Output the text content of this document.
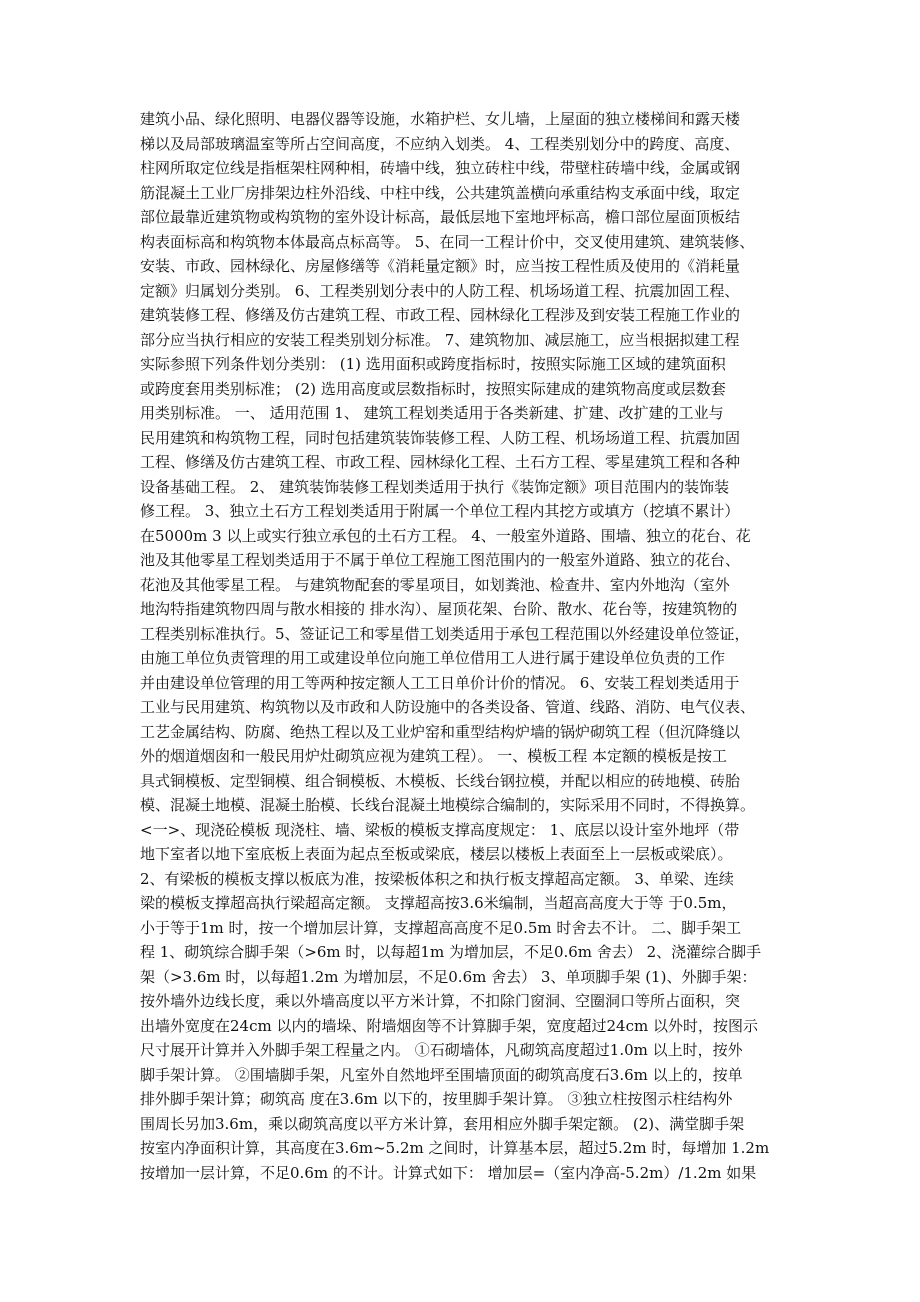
建筑小品、绿化照明、电器仪器等设施，水箱护栏、女儿墙，上屋面的独立楼梯间和露天楼
梯以及局部玻璃温室等所占空间高度，不应纳入划类。 4、工程类别划分中的跨度、高度、
柱网所取定位线是指框架柱网种相，砖墙中线，独立砖柱中线，带壁柱砖墙中线，金属或钢
筋混凝土工业厂房排架边柱外沿线、中柱中线，公共建筑盖横向承重结构支承面中线，取定
部位最靠近建筑物或构筑物的室外设计标高，最低层地下室地坪标高，檐口部位屋面顶板结
构表面标高和构筑物本体最高点标高等。 5、在同一工程计价中，交叉使用建筑、建筑装修、
安装、市政、园林绿化、房屋修缮等《消耗量定额》时，应当按工程性质及使用的《消耗量
定额》归属划分类别。 6、工程类别划分表中的人防工程、机场场道工程、抗震加固工程、
建筑装修工程、修缮及仿古建筑工程、市政工程、园林绿化工程涉及到安装工程施工作业的
部分应当执行相应的安装工程类别划分标准。 7、建筑物加、减层施工，应当根据拟建工程
实际参照下列条件划分类别： (1) 选用面积或跨度指标时，按照实际施工区域的建筑面积
或跨度套用类别标准； (2) 选用高度或层数指标时，按照实际建成的建筑物高度或层数套
用类别标准。 一、 适用范围 1、 建筑工程划类适用于各类新建、扩建、改扩建的工业与
民用建筑和构筑物工程，同时包括建筑装饰装修工程、人防工程、机场场道工程、抗震加固
工程、修缮及仿古建筑工程、市政工程、园林绿化工程、土石方工程、零星建筑工程和各种
设备基础工程。 2、 建筑装饰装修工程划类适用于执行《装饰定额》项目范围内的装饰装
修工程。 3、独立土石方工程划类适用于附属一个单位工程内其挖方或填方（挖填不累计）
在5000m 3 以上或实行独立承包的土石方工程。 4、一般室外道路、围墙、独立的花台、花
池及其他零星工程划类适用于不属于单位工程施工图范围内的一般室外道路、独立的花台、
花池及其他零星工程。 与建筑物配套的零星项目，如划粪池、检查井、室内外地沟（室外
地沟特指建筑物四周与散水相接的 排水沟）、屋顶花架、台阶、散水、花台等，按建筑物的
工程类别标准执行。5、签证记工和零星借工划类适用于承包工程范围以外经建设单位签证，
由施工单位负责管理的用工或建设单位向施工单位借用工人进行属于建设单位负责的工作
并由建设单位管理的用工等两种按定额人工工日单价计价的情况。 6、安装工程划类适用于
工业与民用建筑、构筑物以及市政和人防设施中的各类设备、管道、线路、消防、电气仪表、
工艺金属结构、防腐、绝热工程以及工业炉窑和重型结构炉墙的锅炉砌筑工程（但沉降缝以
外的烟道烟囱和一般民用炉灶砌筑应视为建筑工程）。 一、模板工程 本定额的模板是按工
具式铜模板、定型铜模、组合铜模板、木模板、长线台钢拉模，并配以相应的砖地模、砖胎
模、混凝土地模、混凝土胎模、长线台混凝土地模综合编制的，实际采用不同时，不得换算。
<一>、现浇砼模板 现浇柱、墙、梁板的模板支撑高度规定： 1、底层以设计室外地坪（带
地下室者以地下室底板上表面为起点至板或梁底，楼层以楼板上表面至上一层板或梁底）。
2、有梁板的模板支撑以板底为准，按梁板体积之和执行板支撑超高定额。 3、单梁、连续
梁的模板支撑超高执行梁超高定额。 支撑超高按3.6米编制，当超高高度大于等 于0.5m，
小于等于1m 时，按一个增加层计算，支撑超高高度不足0.5m 时舍去不计。 二、脚手架工
程 1、砌筑综合脚手架（>6m 时，以每超1m 为增加层，不足0.6m 舍去） 2、浇灌综合脚手
架（>3.6m 时，以每超1.2m 为增加层，不足0.6m 舍去） 3、单项脚手架 (1)、外脚手架：
按外墙外边线长度，乘以外墙高度以平方米计算，不扣除门窗洞、空圈洞口等所占面积，突
出墙外宽度在24cm 以内的墙垛、附墙烟囱等不计算脚手架，宽度超过24cm 以外时，按图示
尺寸展开计算并入外脚手架工程量之内。 ①石砌墙体，凡砌筑高度超过1.0m 以上时，按外
脚手架计算。 ②围墙脚手架，凡室外自然地坪至围墙顶面的砌筑高度石3.6m 以上的，按单
排外脚手架计算；砌筑高 度在3.6m 以下的，按里脚手架计算。 ③独立柱按图示柱结构外
围周长另加3.6m，乘以砌筑高度以平方米计算，套用相应外脚手架定额。 (2)、满堂脚手架
按室内净面积计算，其高度在3.6m~5.2m 之间时，计算基本层，超过5.2m 时，每增加 1.2m
按增加一层计算，不足0.6m 的不计。计算式如下： 增加层=（室内净高-5.2m）/1.2m 如果
